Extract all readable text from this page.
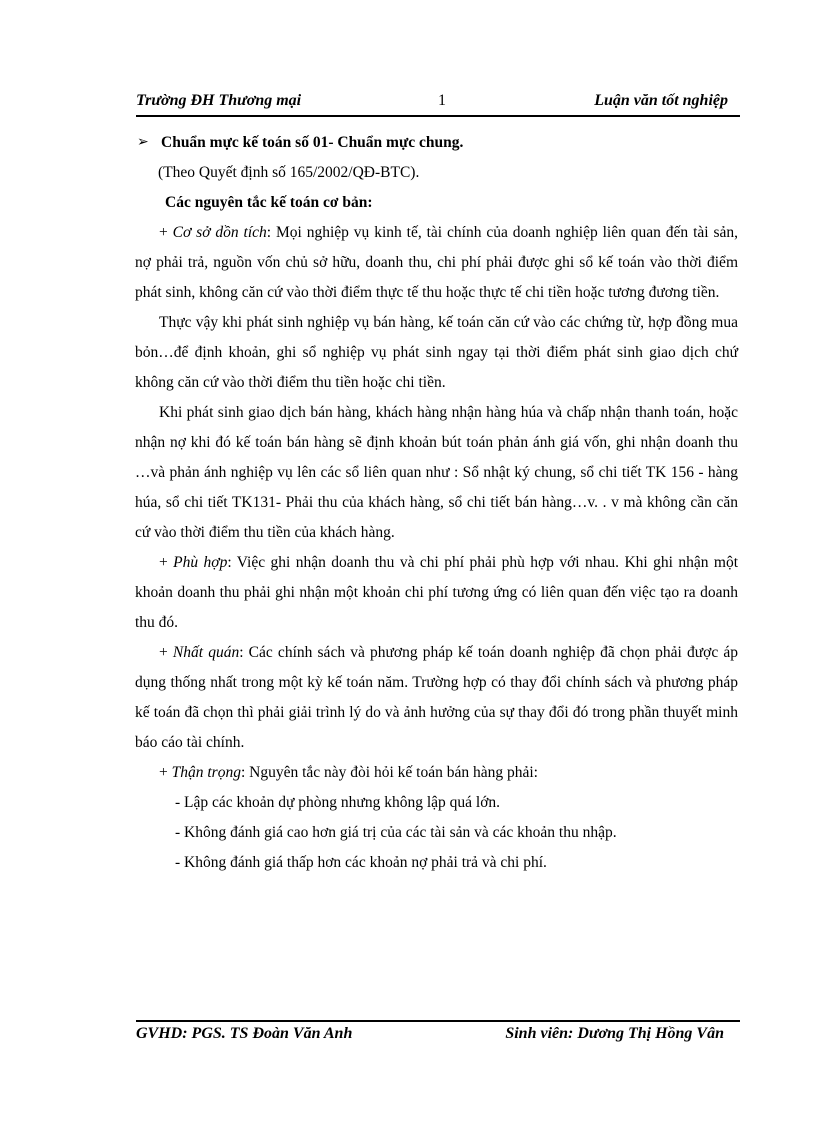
Trường ĐH Thương mại	1	Luận văn tốt nghiệp

➢ Chuẩn mực kế toán số 01- Chuẩn mực chung.

(Theo Quyết định số 165/2002/QĐ-BTC).

Các nguyên tắc kế toán cơ bản:

+ Cơ sở dồn tích: Mọi nghiệp vụ kinh tế, tài chính của doanh nghiệp liên quan đến tài sản, nợ phải trả, nguồn vốn chủ sở hữu, doanh thu, chi phí phải được ghi sổ kế toán vào thời điểm phát sinh, không căn cứ vào thời điểm thực tế thu hoặc thực tế chi tiền hoặc tương đương tiền.

Thực vậy khi phát sinh nghiệp vụ bán hàng, kế toán căn cứ vào các chứng từ, hợp đồng mua bỏn…để định khoản, ghi sổ nghiệp vụ phát sinh ngay tại thời điểm phát sinh giao dịch chứ không căn cứ vào thời điểm thu tiền hoặc chi tiền.

Khi phát sinh giao dịch bán hàng, khách hàng nhận hàng húa và chấp nhận thanh toán, hoặc nhận nợ khi đó kế toán bán hàng sẽ định khoản bút toán phản ánh giá vốn, ghi nhận doanh thu …và phản ánh nghiệp vụ lên các sổ liên quan như : Sổ nhật ký chung, sổ chi tiết TK 156 - hàng húa, sổ chi tiết TK131- Phải thu của khách hàng, sổ chi tiết bán hàng…v. . v mà không cần căn cứ vào thời điểm thu tiền của khách hàng.

+ Phù hợp: Việc ghi nhận doanh thu và chi phí phải phù hợp với nhau. Khi ghi nhận một khoản doanh thu phải ghi nhận một khoản chi phí tương ứng có liên quan đến việc tạo ra doanh thu đó.

+ Nhất quán: Các chính sách và phương pháp kế toán doanh nghiệp đã chọn phải được áp dụng thống nhất trong một kỳ kế toán năm. Trường hợp có thay đổi chính sách và phương pháp kế toán đã chọn thì phải giải trình lý do và ảnh hưởng của sự thay đổi đó trong phần thuyết minh báo cáo tài chính.

+ Thận trọng: Nguyên tắc này đòi hỏi kế toán bán hàng phải:

- Lập các khoản dự phòng nhưng không lập quá lớn.

- Không đánh giá cao hơn giá trị của các tài sản và các khoản thu nhập.

- Không đánh giá thấp hơn các khoản nợ phải trả và chi phí.

GVHD: PGS. TS Đoàn Văn Anh	Sinh viên: Dương Thị Hồng Vân
